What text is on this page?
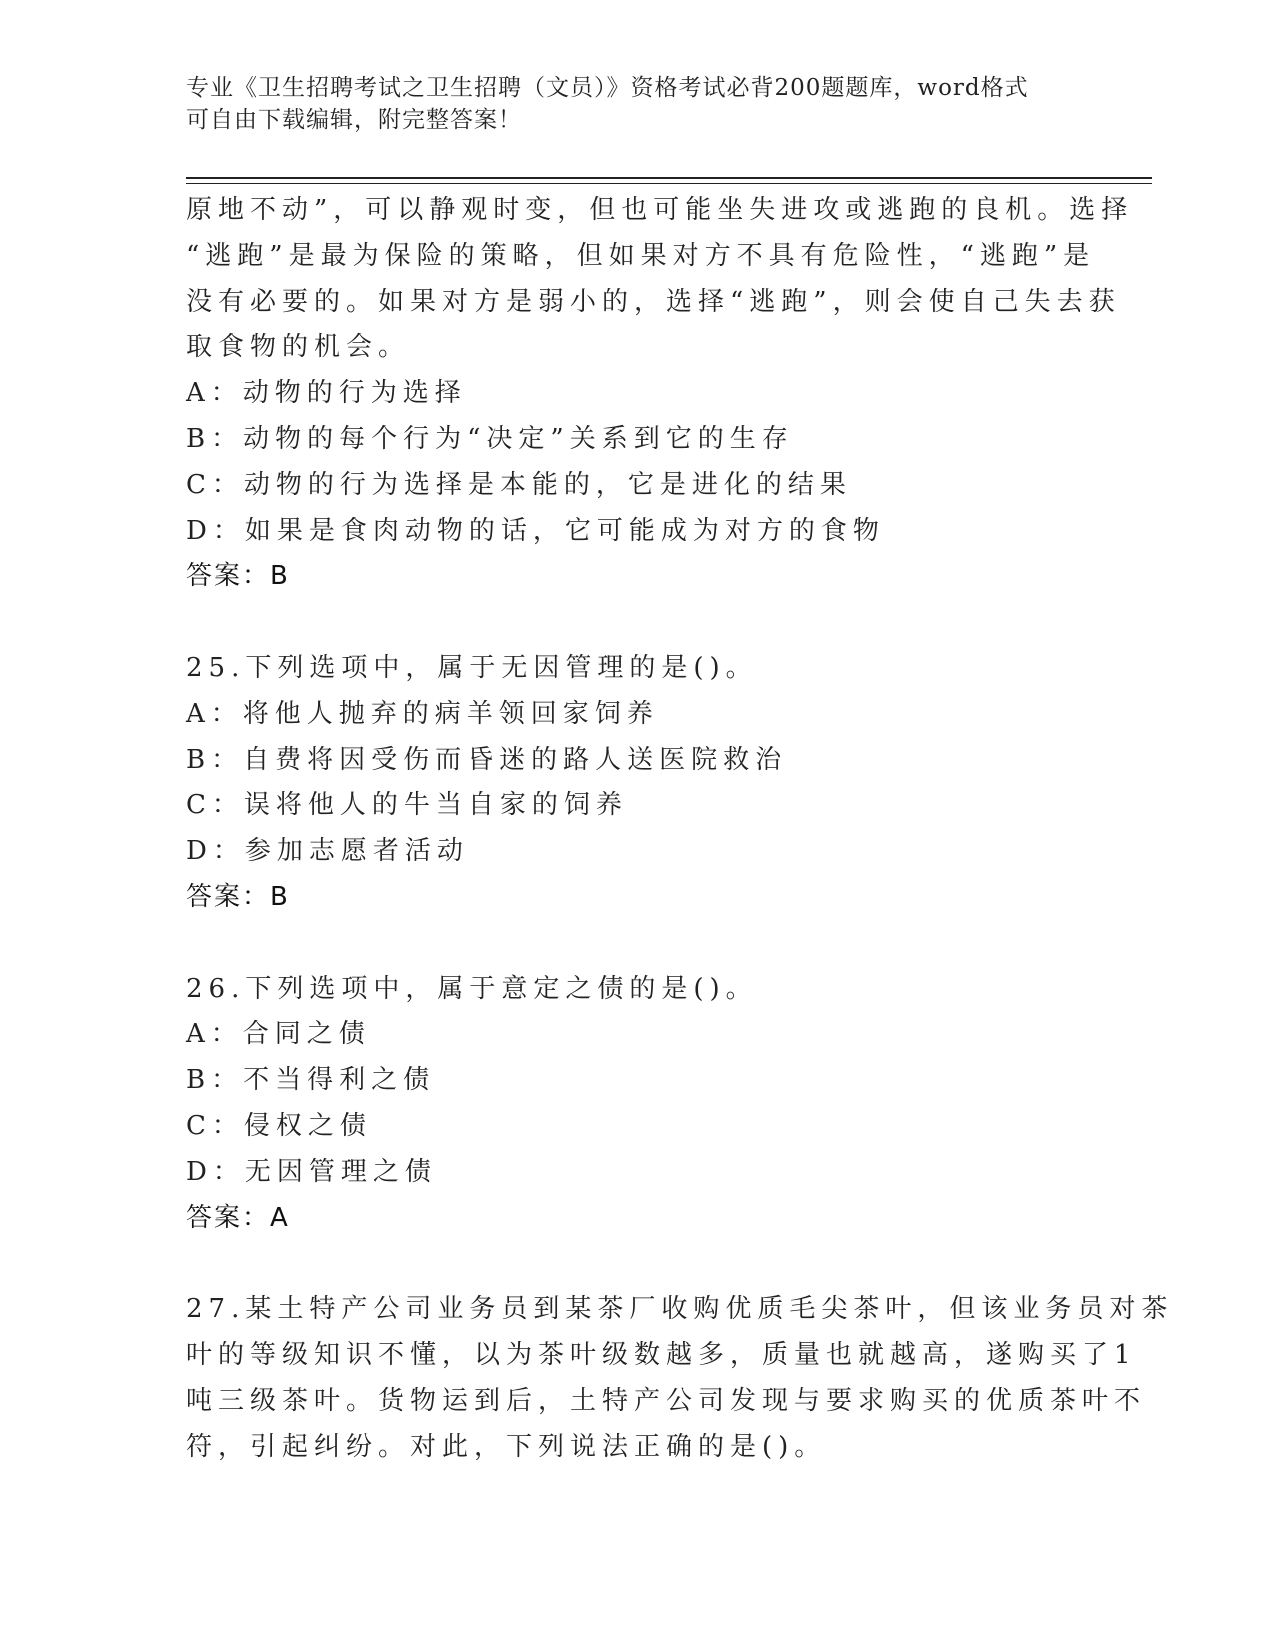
专业《卫生招聘考试之卫生招聘（文员）》资格考试必背200题题库，word格式
可自由下载编辑，附完整答案！
原地不动”，可以静观时变，但也可能坐失进攻或逃跑的良机。选择
“逃跑”是最为保险的策略，但如果对方不具有危险性，“逃跑”是
没有必要的。如果对方是弱小的，选择“逃跑”，则会使自己失去获
取食物的机会。
A：动物的行为选择
B：动物的每个行为“决定”关系到它的生存
C：动物的行为选择是本能的，它是进化的结果
D：如果是食肉动物的话，它可能成为对方的食物
答案：B
25.下列选项中，属于无因管理的是()。
A：将他人抛弃的病羊领回家饲养
B：自费将因受伤而昏迷的路人送医院救治
C：误将他人的牛当自家的饲养
D：参加志愿者活动
答案：B
26.下列选项中，属于意定之债的是()。
A：合同之债
B：不当得利之债
C：侵权之债
D：无因管理之债
答案：A
27.某土特产公司业务员到某茶厂收购优质毛尖茶叶，但该业务员对茶
叶的等级知识不懂，以为茶叶级数越多，质量也就越高，遂购买了1
吨三级茶叶。货物运到后，土特产公司发现与要求购买的优质茶叶不
符，引起纠纷。对此，下列说法正确的是()。
